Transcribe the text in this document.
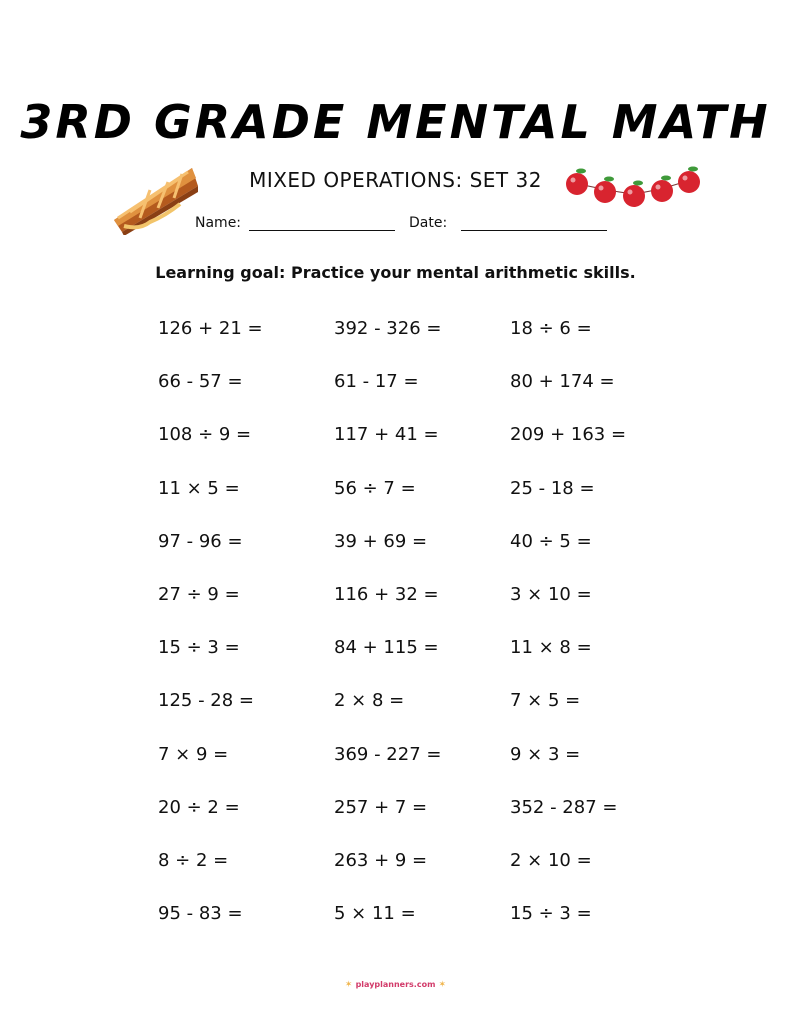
3RD GRADE MENTAL MATH
MIXED OPERATIONS: SET 32
Name:	Date:
Learning goal: Practice your mental arithmetic skills.
126 + 21 =	392 - 326 =	18 ÷ 6 =
66 - 57 =	61 - 17 =	80 + 174 =
108 ÷ 9 =	117 + 41 =	209 + 163 =
11 × 5 =	56 ÷ 7 =	25 - 18 =
97 - 96 =	39 + 69 =	40 ÷ 5 =
27 ÷ 9 =	116 + 32 =	3 × 10 =
15 ÷ 3 =	84 + 115 =	11 × 8 =
125 - 28 =	2 × 8 =	7 × 5 =
7 × 9 =	369 - 227 =	9 × 3 =
20 ÷ 2 =	257 + 7 =	352 - 287 =
8 ÷ 2 =	263 + 9 =	2 × 10 =
95 - 83 =	5 × 11 =	15 ÷ 3 =
✶ playplanners.com ✶
